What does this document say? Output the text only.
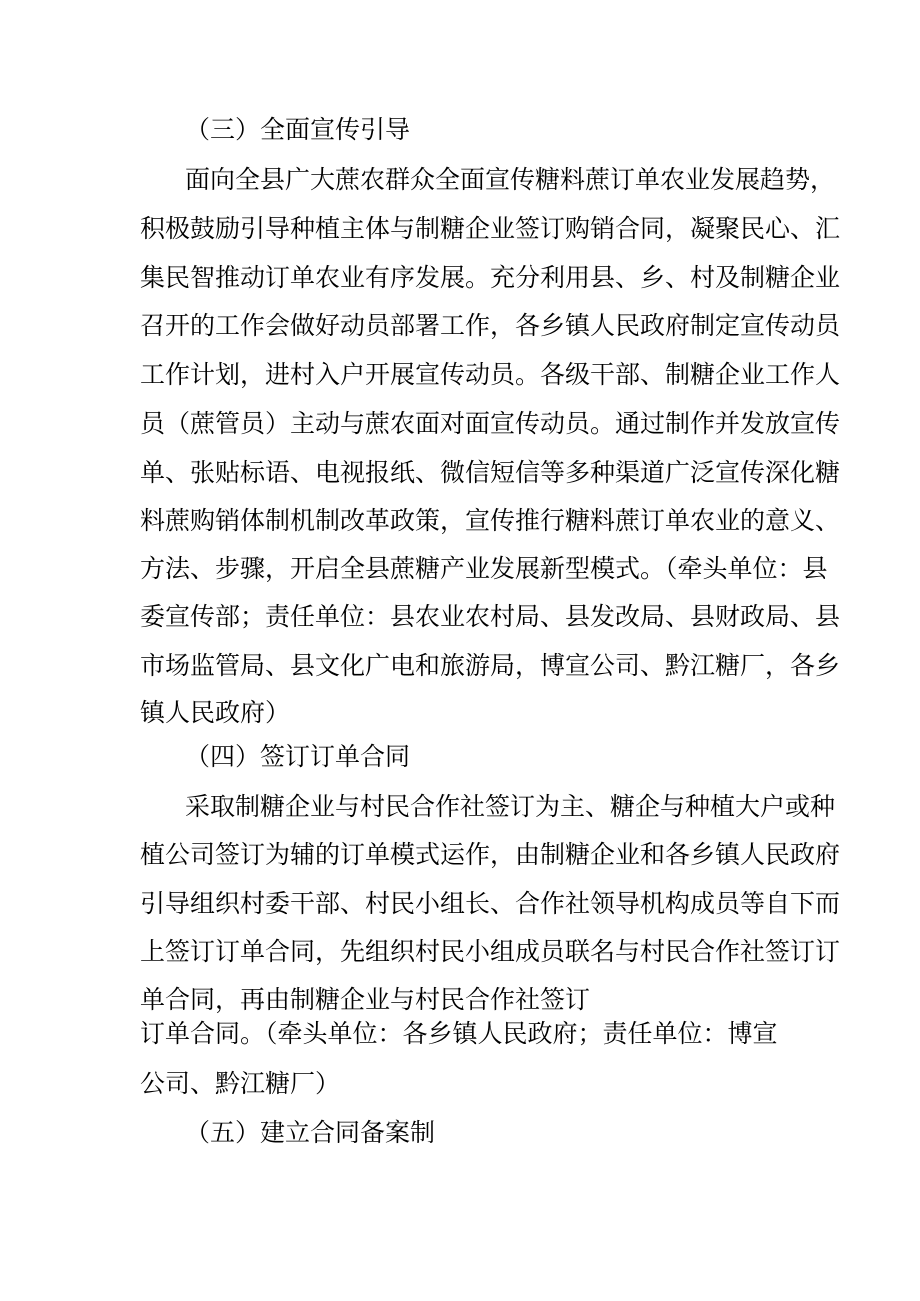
（三）全面宣传引导
面向全县广大蔗农群众全面宣传糖料蔗订单农业发展趋势，
积极鼓励引导种植主体与制糖企业签订购销合同，凝聚民心、汇
集民智推动订单农业有序发展。充分利用县、乡、村及制糖企业
召开的工作会做好动员部署工作，各乡镇人民政府制定宣传动员
工作计划，进村入户开展宣传动员。各级干部、制糖企业工作人
员（蔗管员）主动与蔗农面对面宣传动员。通过制作并发放宣传
单、张贴标语、电视报纸、微信短信等多种渠道广泛宣传深化糖
料蔗购销体制机制改革政策，宣传推行糖料蔗订单农业的意义、
方法、步骤，开启全县蔗糖产业发展新型模式。（牵头单位：县
委宣传部；责任单位：县农业农村局、县发改局、县财政局、县
市场监管局、县文化广电和旅游局，博宣公司、黔江糖厂，各乡
镇人民政府）
（四）签订订单合同
采取制糖企业与村民合作社签订为主、糖企与种植大户或种
植公司签订为辅的订单模式运作，由制糖企业和各乡镇人民政府
引导组织村委干部、村民小组长、合作社领导机构成员等自下而
上签订订单合同，先组织村民小组成员联名与村民合作社签订订
单合同，再由制糖企业与村民合作社签订
订单合同。（牵头单位：各乡镇人民政府；责任单位：博宣
公司、黔江糖厂）
（五）建立合同备案制
